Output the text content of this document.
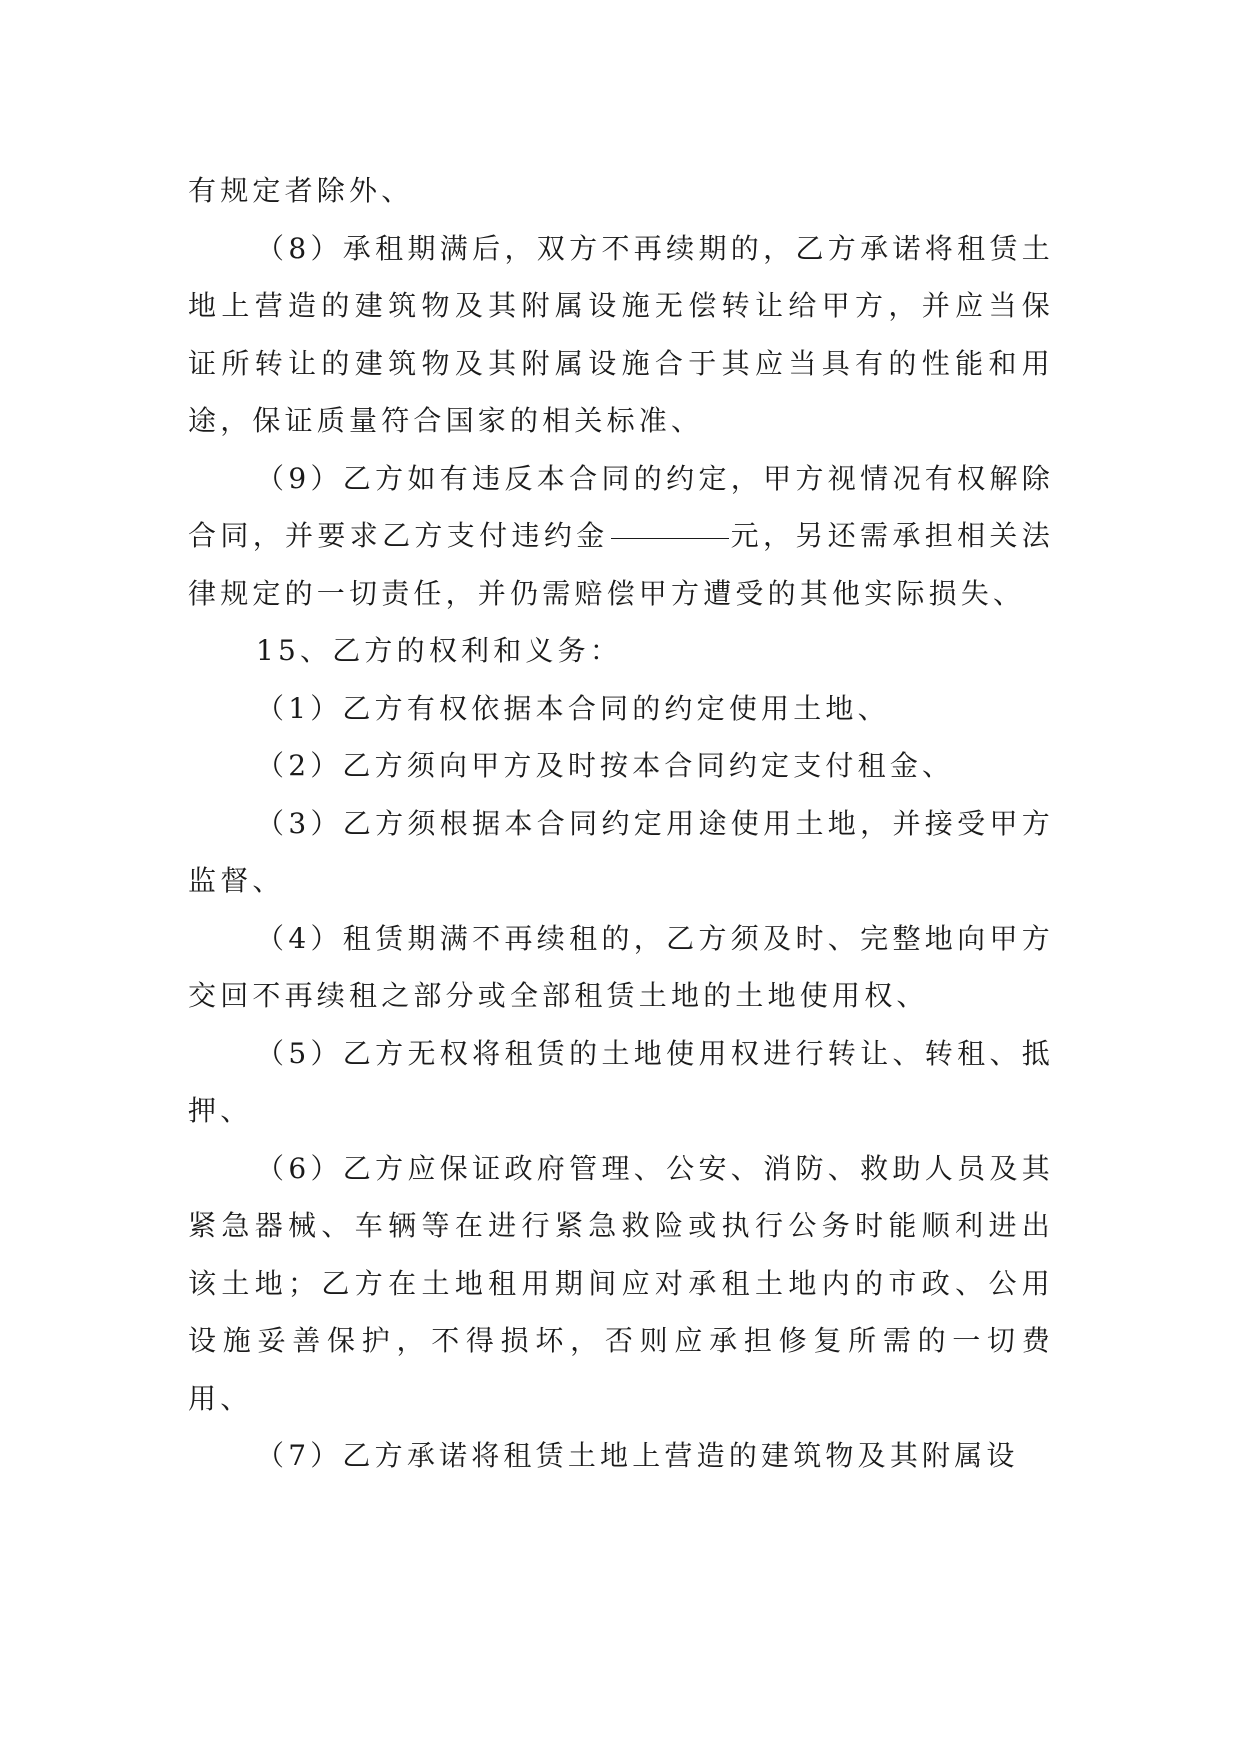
有规定者除外、

（8）承租期满后，双方不再续期的，乙方承诺将租赁土地上营造的建筑物及其附属设施无偿转让给甲方，并应当保证所转让的建筑物及其附属设施合于其应当具有的性能和用途，保证质量符合国家的相关标准、

（9）乙方如有违反本合同的约定，甲方视情况有权解除合同，并要求乙方支付违约金	元，另还需承担相关法律规定的一切责任，并仍需赔偿甲方遭受的其他实际损失、

15、乙方的权利和义务：

（1）乙方有权依据本合同的约定使用土地、

（2）乙方须向甲方及时按本合同约定支付租金、

（3）乙方须根据本合同约定用途使用土地，并接受甲方监督、

（4）租赁期满不再续租的，乙方须及时、完整地向甲方交回不再续租之部分或全部租赁土地的土地使用权、

（5）乙方无权将租赁的土地使用权进行转让、转租、抵押、

（6）乙方应保证政府管理、公安、消防、救助人员及其紧急器械、车辆等在进行紧急救险或执行公务时能顺利进出该土地；乙方在土地租用期间应对承租土地内的市政、公用设施妥善保护，不得损坏，否则应承担修复所需的一切费用、

（7）乙方承诺将租赁土地上营造的建筑物及其附属设
